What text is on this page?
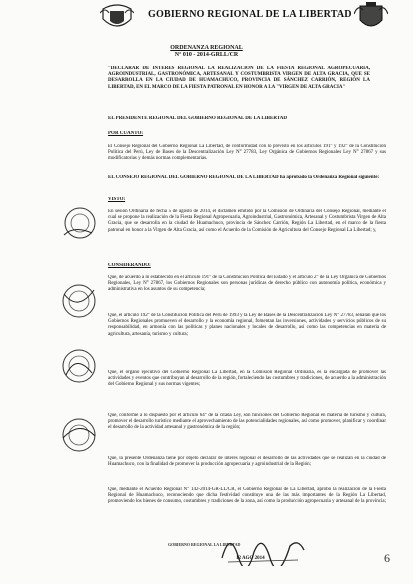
GOBIERNO REGIONAL DE LA LIBERTAD
ORDENANZA REGIONAL
N° 010 - 2014-GRLL/CR
"DECLARAR DE INTERES REGIONAL LA REALIZACIÓN DE LA FIESTA REGIONAL AGROPECUARIA, AGROINDUSTRIAL, GASTRONÓMICA, ARTESANAL Y COSTUMBRISTA VIRGEN DE ALTA GRACIA, QUE SE DESARROLLA EN LA CIUDAD DE HUAMACHUCO, PROVINCIA DE SÁNCHEZ CARRIÓN, REGIÓN LA LIBERTAD, EN EL MARCO DE LA FIESTA PATRONAL EN HONOR A LA "VIRGEN DE ALTA GRACIA"
EL PRESIDENTE REGIONAL DEL GOBIERNO REGIONAL DE LA LIBERTAD
POR CUANTO:
El Consejo Regional del Gobierno Regional La Libertad, de conformidad con lo previsto en los artículos 191° y 192° de la Constitución Política del Perú, Ley de Bases de la Descentralización Ley N° 27783, Ley Orgánica de Gobiernos Regionales Ley N° 27867 y sus modificatorias y demás normas complementarias.
EL CONSEJO REGIONAL DEL GOBIERNO REGIONAL DE LA LIBERTAD ha aprobado la Ordenanza Regional siguiente:
VISTO:
En sesión Ordinaria de fecha 5 de agosto de 2014, el dictamen emitido por la Comisión de Ordinaria del Consejo Regional, mediante el cual se propone la realización de la Fiesta Regional Agropecuaria, Agroindustrial, Gastronómica, Artesanal y Costumbrista Virgen de Alta Gracia, que se desarrolla en la ciudad de Huamachuco, provincia de Sánchez Carrión, Región La Libertad, en el marco de la fiesta patronal en honor a la Virgen de Alta Gracia, así como el Acuerdo de la Comisión de Agricultura del Consejo Regional La Libertad; y,
CONSIDERANDO:
Que, de acuerdo a lo establecido en el artículo 191° de la Constitución Política del Estado y el artículo 2° de la Ley Orgánica de Gobiernos Regionales, Ley N° 27867, los Gobiernos Regionales son personas jurídicas de derecho público con autonomía política, económica y administrativa en los asuntos de su competencia;
Que, el artículo 192° de la Constitución Política del Perú de 1993 y la Ley de Bases de la Descentralización Ley N° 27783, señalan que los Gobiernos Regionales promueven el desarrollo y la economía regional, fomentan las inversiones, actividades y servicios públicos de su responsabilidad, en armonía con las políticas y planes nacionales y locales de desarrollo, así como las competencias en materia de agricultura, artesanía, turismo y cultura;
Que, el órgano ejecutivo del Gobierno Regional La Libertad, en la Comisión Regional Ordinaria, es la encargada de promover las actividades y eventos que contribuyan al desarrollo de la región, fortaleciendo las costumbres y tradiciones, de acuerdo a la administración del Gobierno Regional y sus normas vigentes;
Que, conforme a lo dispuesto por el artículo 64° de la citada Ley, son funciones del Gobierno Regional en materia de turismo y cultura, promover el desarrollo turístico mediante el aprovechamiento de las potencialidades regionales, así como promover, planificar y coordinar el desarrollo de la actividad artesanal y gastronómica de la región;
Que, la presente Ordenanza tiene por objeto declarar de interés regional el desarrollo de las actividades que se realizan en la ciudad de Huamachuco, con la finalidad de promover la producción agropecuaria y agroindustrial de la Región;
Que, mediante el Acuerdo Regional N° 142-2014-GR-LL/CR, el Gobierno Regional de La Libertad, aprobó la realización de la Fiesta Regional de Huamachuco, reconociendo que dicha festividad constituye una de las más importantes de la Región La Libertad, promoviendo los bienes de consumo, costumbres y tradiciones de la zona, así como la producción agropecuaria y artesanal de la provincia;
GOBIERNO REGIONAL LA LIBERTAD
12 AGO 2014	6
